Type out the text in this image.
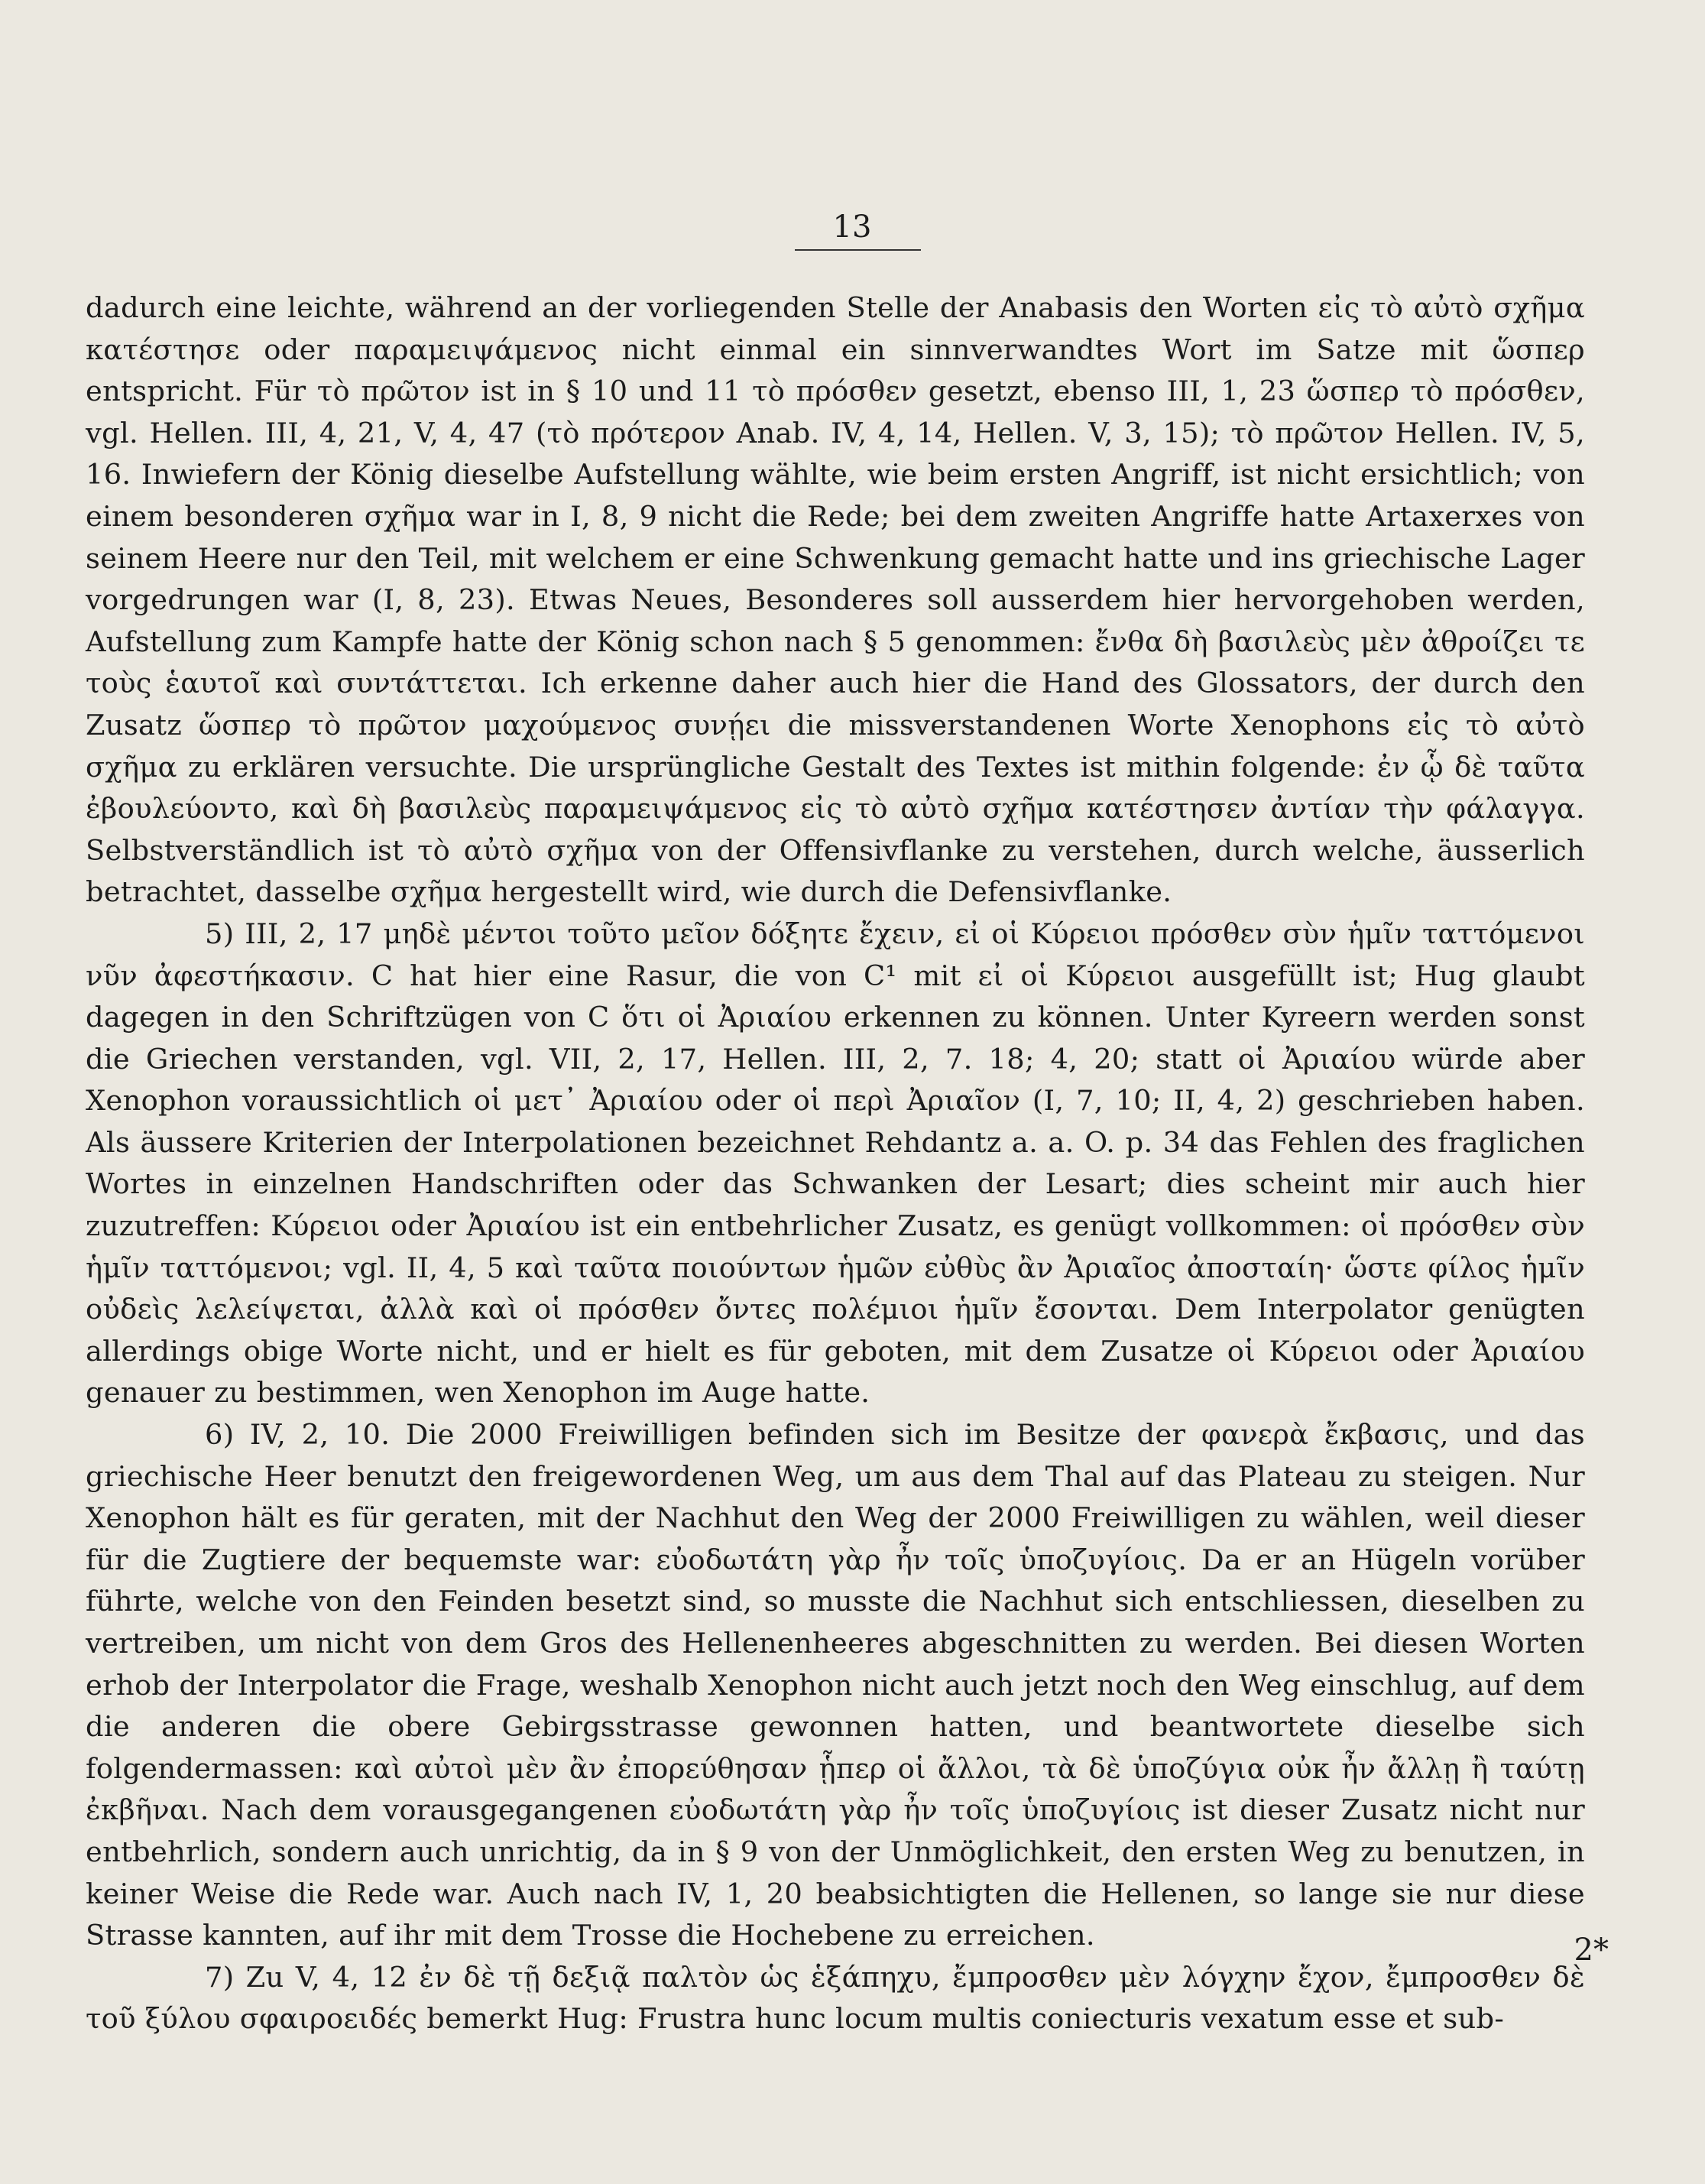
13

dadurch eine leichte, während an der vorliegenden Stelle der Anabasis den Worten εἰς τὸ αὐτὸ σχῆμα κατέστησε oder παραμειψάμενος nicht einmal ein sinnverwandtes Wort im Satze mit ὥσπερ entspricht. Für τὸ πρῶτον ist in § 10 und 11 τὸ πρόσθεν gesetzt, ebenso III, 1, 23 ὥσπερ τὸ πρόσθεν, vgl. Hellen. III, 4, 21, V, 4, 47 (τὸ πρότερον Anab. IV, 4, 14, Hellen. V, 3, 15); τὸ πρῶτον Hellen. IV, 5, 16. Inwiefern der König dieselbe Aufstellung wählte, wie beim ersten Angriff, ist nicht ersichtlich; von einem besonderen σχῆμα war in I, 8, 9 nicht die Rede; bei dem zweiten Angriffe hatte Artaxerxes von seinem Heere nur den Teil, mit welchem er eine Schwenkung gemacht hatte und ins griechische Lager vorgedrungen war (I, 8, 23). Etwas Neues, Besonderes soll ausserdem hier hervorgehoben werden, Aufstellung zum Kampfe hatte der König schon nach § 5 genommen: ἔνθα δὴ βασιλεὺς μὲν ἀθροίζει τε τοὺς ἑαυτοῖ καὶ συντάττεται. Ich erkenne daher auch hier die Hand des Glossators, der durch den Zusatz ὥσπερ τὸ πρῶτον μαχούμενος συνῄει die missverstandenen Worte Xenophons εἰς τὸ αὐτὸ σχῆμα zu erklären versuchte. Die ursprüngliche Gestalt des Textes ist mithin folgende: ἐν ᾧ δὲ ταῦτα ἐβουλεύοντο, καὶ δὴ βασιλεὺς παραμειψάμενος εἰς τὸ αὐτὸ σχῆμα κατέστησεν ἀντίαν τὴν φάλαγγα. Selbstverständlich ist τὸ αὐτὸ σχῆμα von der Offensivflanke zu verstehen, durch welche, äusserlich betrachtet, dasselbe σχῆμα hergestellt wird, wie durch die Defensivflanke.

5) III, 2, 17 μηδὲ μέντοι τοῦτο μεῖον δόξητε ἔχειν, εἰ οἱ Κύρειοι πρόσθεν σὺν ἡμῖν ταττόμενοι νῦν ἀφεστήκασιν. C hat hier eine Rasur, die von C¹ mit εἰ οἱ Κύρειοι ausgefüllt ist; Hug glaubt dagegen in den Schriftzügen von C ὅτι οἱ Ἀριαίου erkennen zu können. Unter Kyreern werden sonst die Griechen verstanden, vgl. VII, 2, 17, Hellen. III, 2, 7. 18; 4, 20; statt οἱ Ἀριαίου würde aber Xenophon voraussichtlich οἱ μετ᾽ Ἀριαίου oder οἱ περὶ Ἀριαῖον (I, 7, 10; II, 4, 2) geschrieben haben. Als äussere Kriterien der Interpolationen bezeichnet Rehdantz a. a. O. p. 34 das Fehlen des fraglichen Wortes in einzelnen Handschriften oder das Schwanken der Lesart; dies scheint mir auch hier zuzutreffen: Κύρειοι oder Ἀριαίου ist ein entbehrlicher Zusatz, es genügt vollkommen: οἱ πρόσθεν σὺν ἡμῖν ταττόμενοι; vgl. II, 4, 5 καὶ ταῦτα ποιούντων ἡμῶν εὐθὺς ἂν Ἀριαῖος ἀποσταίη· ὥστε φίλος ἡμῖν οὐδεὶς λελείψεται, ἀλλὰ καὶ οἱ πρόσθεν ὄντες πολέμιοι ἡμῖν ἔσονται. Dem Interpolator genügten allerdings obige Worte nicht, und er hielt es für geboten, mit dem Zusatze οἱ Κύρειοι oder Ἀριαίου genauer zu bestimmen, wen Xenophon im Auge hatte.

6) IV, 2, 10. Die 2000 Freiwilligen befinden sich im Besitze der φανερὰ ἔκβασις, und das griechische Heer benutzt den freigewordenen Weg, um aus dem Thal auf das Plateau zu steigen. Nur Xenophon hält es für geraten, mit der Nachhut den Weg der 2000 Freiwilligen zu wählen, weil dieser für die Zugtiere der bequemste war: εὐοδωτάτη γὰρ ἦν τοῖς ὑποζυγίοις. Da er an Hügeln vorüber führte, welche von den Feinden besetzt sind, so musste die Nachhut sich entschliessen, dieselben zu vertreiben, um nicht von dem Gros des Hellenenheeres abgeschnitten zu werden. Bei diesen Worten erhob der Interpolator die Frage, weshalb Xenophon nicht auch jetzt noch den Weg einschlug, auf dem die anderen die obere Gebirgsstrasse gewonnen hatten, und beantwortete dieselbe sich folgendermassen: καὶ αὐτοὶ μὲν ἂν ἐπορεύθησαν ᾗπερ οἱ ἄλλοι, τὰ δὲ ὑποζύγια οὐκ ἦν ἄλλῃ ἢ ταύτῃ ἐκβῆναι. Nach dem vorausgegangenen εὐοδωτάτη γὰρ ἦν τοῖς ὑποζυγίοις ist dieser Zusatz nicht nur entbehrlich, sondern auch unrichtig, da in § 9 von der Unmöglichkeit, den ersten Weg zu benutzen, in keiner Weise die Rede war. Auch nach IV, 1, 20 beabsichtigten die Hellenen, so lange sie nur diese Strasse kannten, auf ihr mit dem Trosse die Hochebene zu erreichen.

7) Zu V, 4, 12 ἐν δὲ τῇ δεξιᾷ παλτὸν ὡς ἑξάπηχυ, ἔμπροσθεν μὲν λόγχην ἔχον, ἔμπροσθεν δὲ τοῦ ξύλου σφαιροειδές bemerkt Hug: Frustra hunc locum multis coniecturis vexatum esse et sub-

2*
